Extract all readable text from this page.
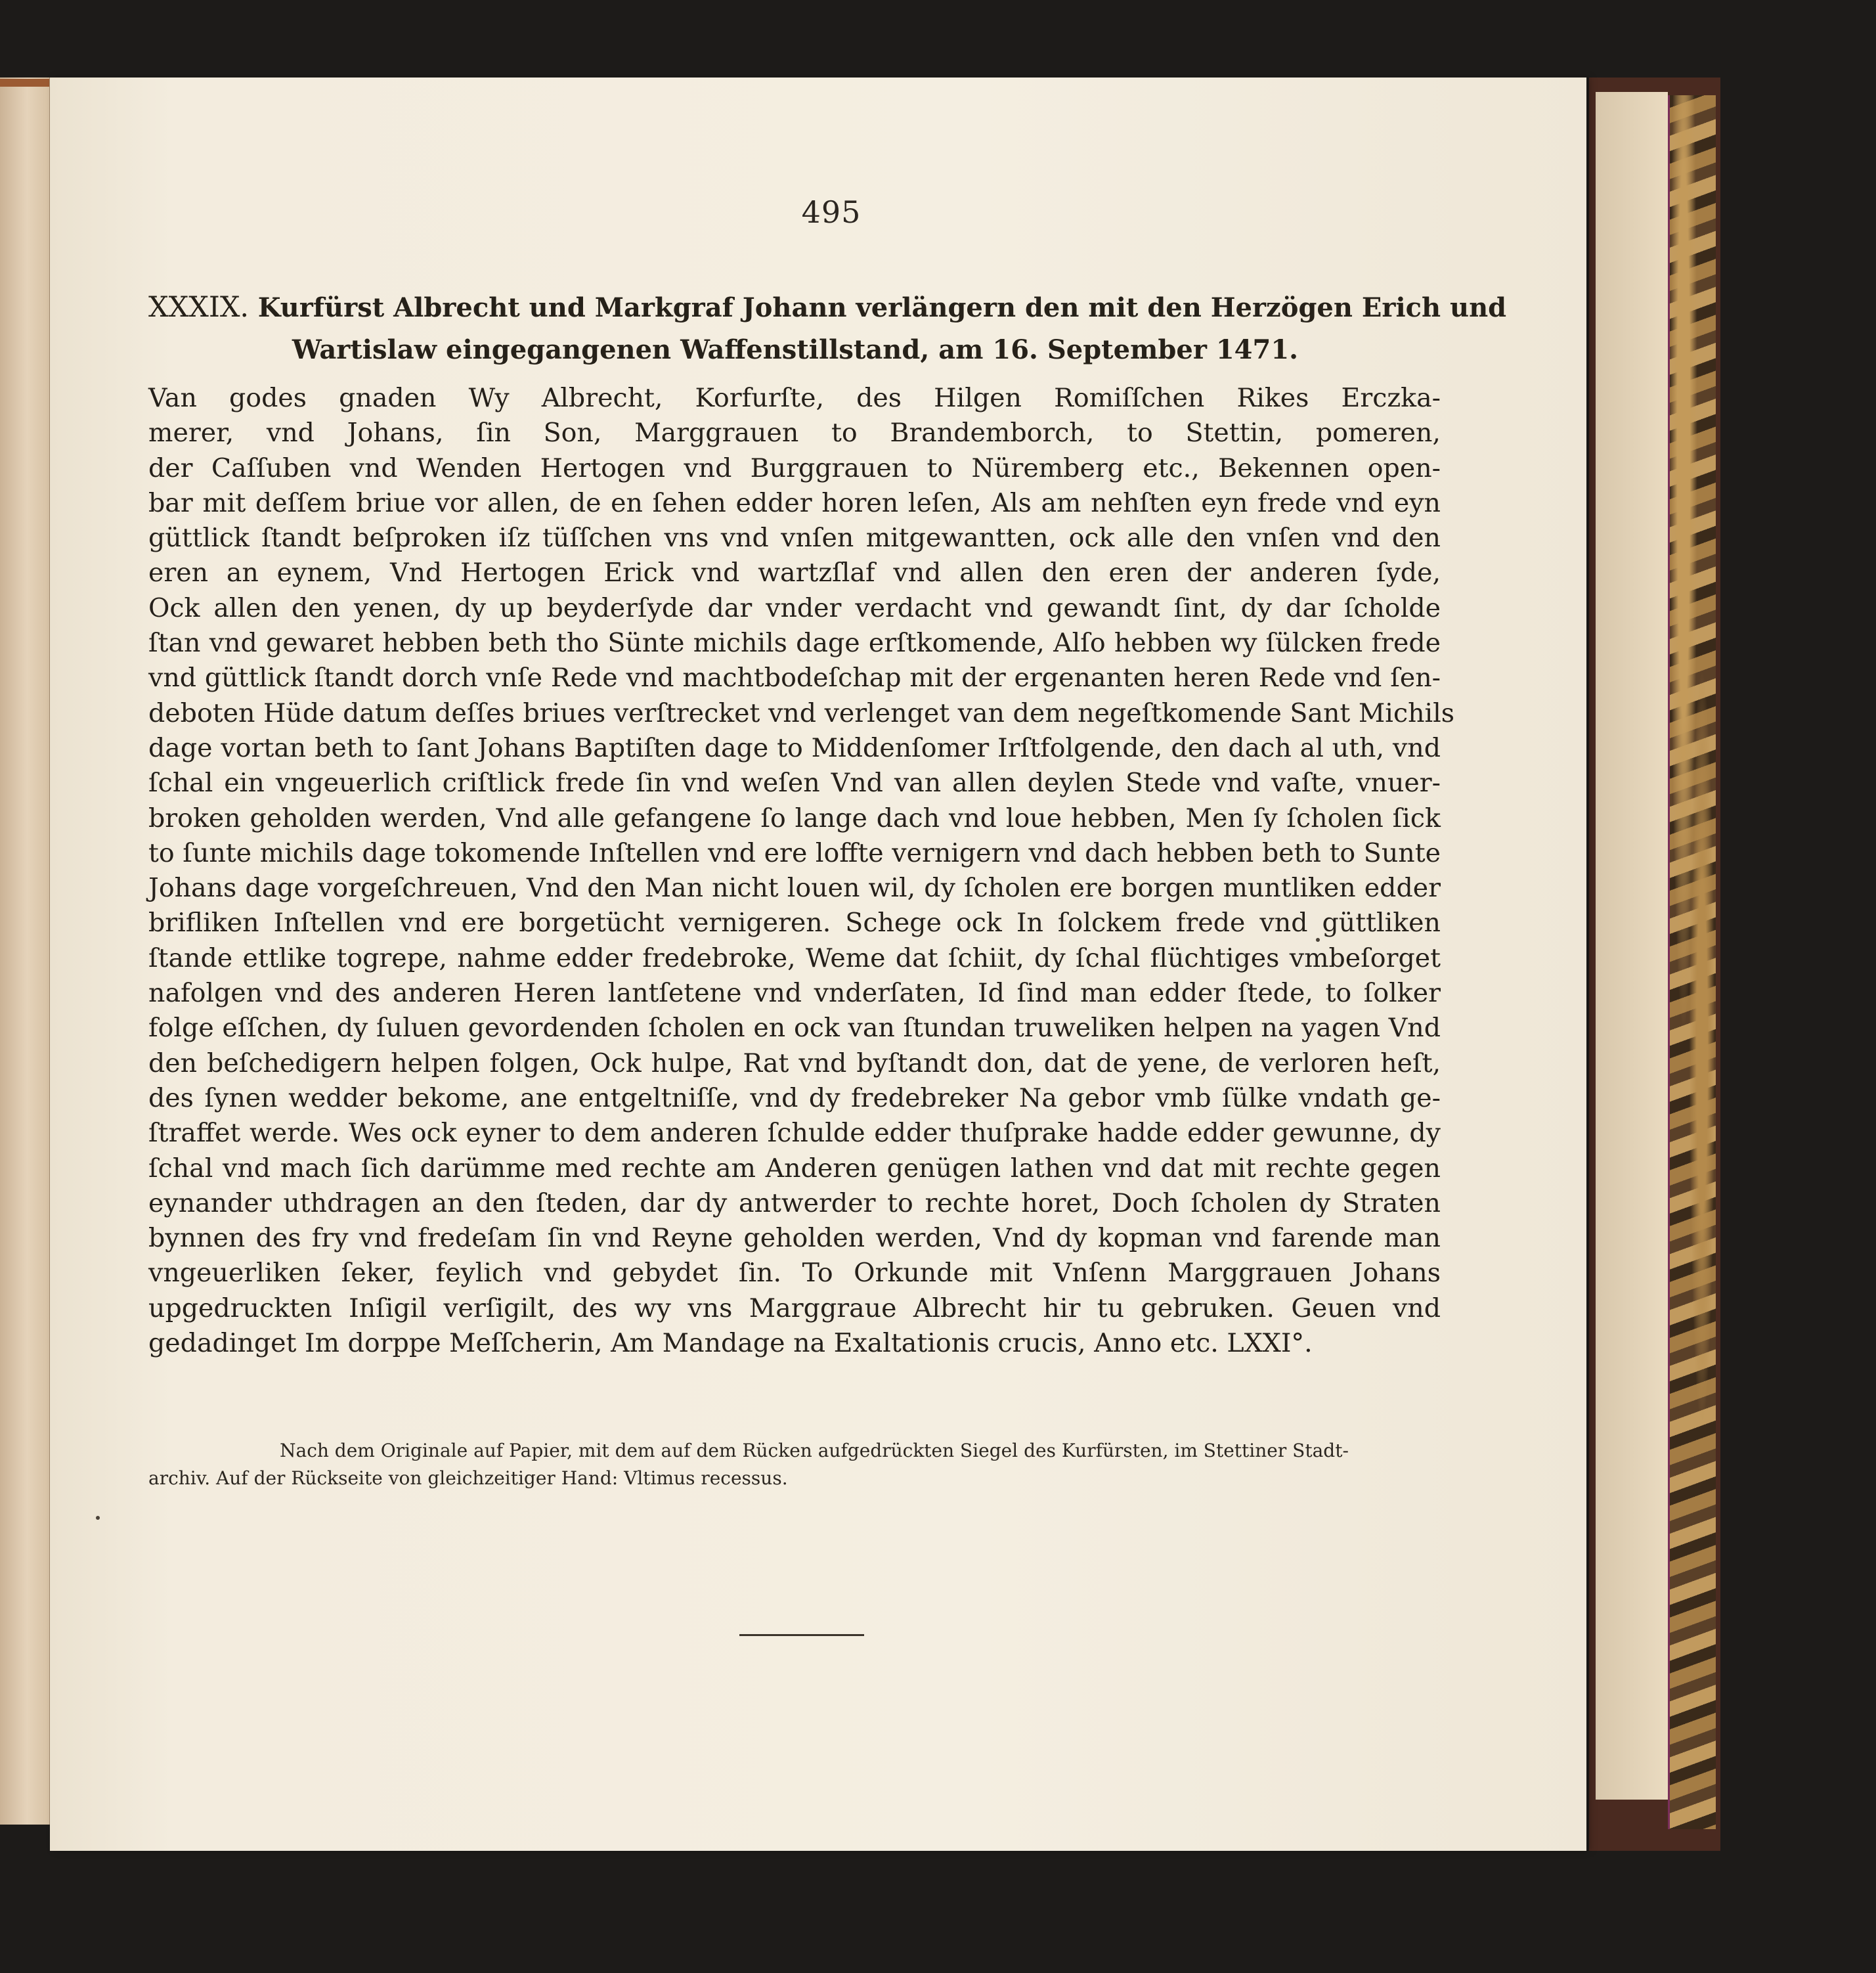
495
XXXIX. Kurfürst Albrecht und Markgraf Johann verlängern den mit den Herzögen Erich und
Wartislaw eingegangenen Waffenstillstand, am 16. September 1471.
Van godes gnaden Wy Albrecht, Korfurſte, des Hilgen Romiſſchen Rikes Erczka-
merer, vnd Johans, ſin Son, Marggrauen to Brandemborch, to Stettin, pomeren,
der Caſſuben vnd Wenden Hertogen vnd Burggrauen to Nüremberg etc., Bekennen open-
bar mit deſſem briue vor allen, de en ſehen edder horen leſen, Als am nehſten eyn frede vnd eyn
güttlick ſtandt beſproken iſz tüſſchen vns vnd vnſen mitgewantten, ock alle den vnſen vnd den
eren an eynem, Vnd Hertogen Erick vnd wartzſlaf vnd allen den eren der anderen ſyde,
Ock allen den yenen, dy up beyderſyde dar vnder verdacht vnd gewandt ſint, dy dar ſcholde
ſtan vnd gewaret hebben beth tho Sünte michils dage erſtkomende, Alſo hebben wy ſülcken frede
vnd güttlick ſtandt dorch vnſe Rede vnd machtbodeſchap mit der ergenanten heren Rede vnd ſen-
deboten Hüde datum deſſes briues verſtrecket vnd verlenget van dem negeſtkomende Sant Michils
dage vortan beth to ſant Johans Baptiſten dage to Middenſomer Irſtfolgende, den dach al uth, vnd
ſchal ein vngeuerlich criſtlick frede ſin vnd weſen Vnd van allen deylen Stede vnd vaſte, vnuer-
broken geholden werden, Vnd alle gefangene ſo lange dach vnd loue hebben, Men ſy ſcholen ſick
to ſunte michils dage tokomende Inſtellen vnd ere loffte vernigern vnd dach hebben beth to Sunte
Johans dage vorgeſchreuen, Vnd den Man nicht louen wil, dy ſcholen ere borgen muntliken edder
brifliken Inſtellen vnd ere borgetücht vernigeren. Schege ock In ſolckem frede vnd güttliken
ſtande ettlike togrepe, nahme edder fredebroke, Weme dat ſchiit, dy ſchal flüchtiges vmbeſorget
nafolgen vnd des anderen Heren lantſetene vnd vnderſaten, Id ſind man edder ſtede, to ſolker
folge eſſchen, dy ſuluen gevordenden ſcholen en ock van ſtundan truweliken helpen na yagen Vnd
den beſchedigern helpen folgen, Ock hulpe, Rat vnd byſtandt don, dat de yene, de verloren heſt,
des ſynen wedder bekome, ane entgeltniſſe, vnd dy fredebreker Na gebor vmb ſülke vndath ge-
ſtraffet werde. Wes ock eyner to dem anderen ſchulde edder thuſprake hadde edder gewunne, dy
ſchal vnd mach ſich darümme med rechte am Anderen genügen lathen vnd dat mit rechte gegen
eynander uthdragen an den ſteden, dar dy antwerder to rechte horet, Doch ſcholen dy Straten
bynnen des fry vnd fredeſam ſin vnd Reyne geholden werden, Vnd dy kopman vnd farende man
vngeuerliken ſeker, feylich vnd gebydet ſin. To Orkunde mit Vnſenn Marggrauen Johans
upgedruckten Inſigil verſigilt, des wy vns Marggraue Albrecht hir tu gebruken. Geuen vnd
gedadinget Im dorppe Meſſcherin, Am Mandage na Exaltationis crucis, Anno etc. LXXI°.
Nach dem Originale auf Papier, mit dem auf dem Rücken aufgedrückten Siegel des Kurfürsten, im Stettiner Stadt-
archiv. Auf der Rückseite von gleichzeitiger Hand: Vltimus recessus.
